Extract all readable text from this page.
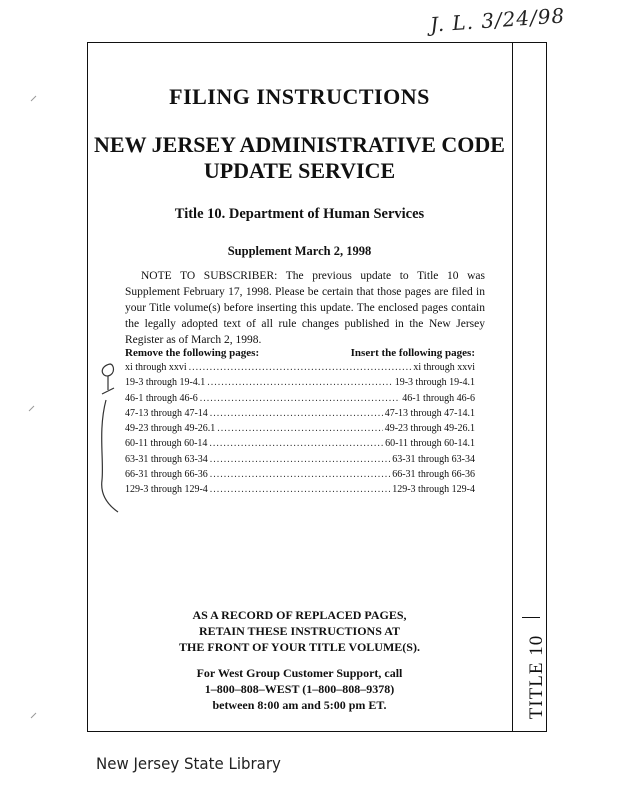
J. L. 3/24/98
TITLE 10
FILING INSTRUCTIONS
NEW JERSEY ADMINISTRATIVE CODE
UPDATE SERVICE
Title 10. Department of Human Services
Supplement March 2, 1998
NOTE TO SUBSCRIBER: The previous update to Title 10 was Supplement February 17, 1998. Please be certain that those pages are filed in your Title volume(s) before inserting this update. The enclosed pages contain the legally adopted text of all rule changes published in the New Jersey Register as of March 2, 1998.
Remove the following pages:	Insert the following pages:
xi through xxvi .....	xi through xxvi
19-3 through 19-4.1 .....	19-3 through 19-4.1
46-1 through 46-6 .....	46-1 through 46-6
47-13 through 47-14 .....	47-13 through 47-14.1
49-23 through 49-26.1 .....	49-23 through 49-26.1
60-11 through 60-14 .....	60-11 through 60-14.1
63-31 through 63-34 .....	63-31 through 63-34
66-31 through 66-36 .....	66-31 through 66-36
129-3 through 129-4 .....	129-3 through 129-4
AS A RECORD OF REPLACED PAGES,
RETAIN THESE INSTRUCTIONS AT
THE FRONT OF YOUR TITLE VOLUME(S).
For West Group Customer Support, call
1–800–808–WEST (1–800–808–9378)
between 8:00 am and 5:00 pm ET.
New Jersey State Library
